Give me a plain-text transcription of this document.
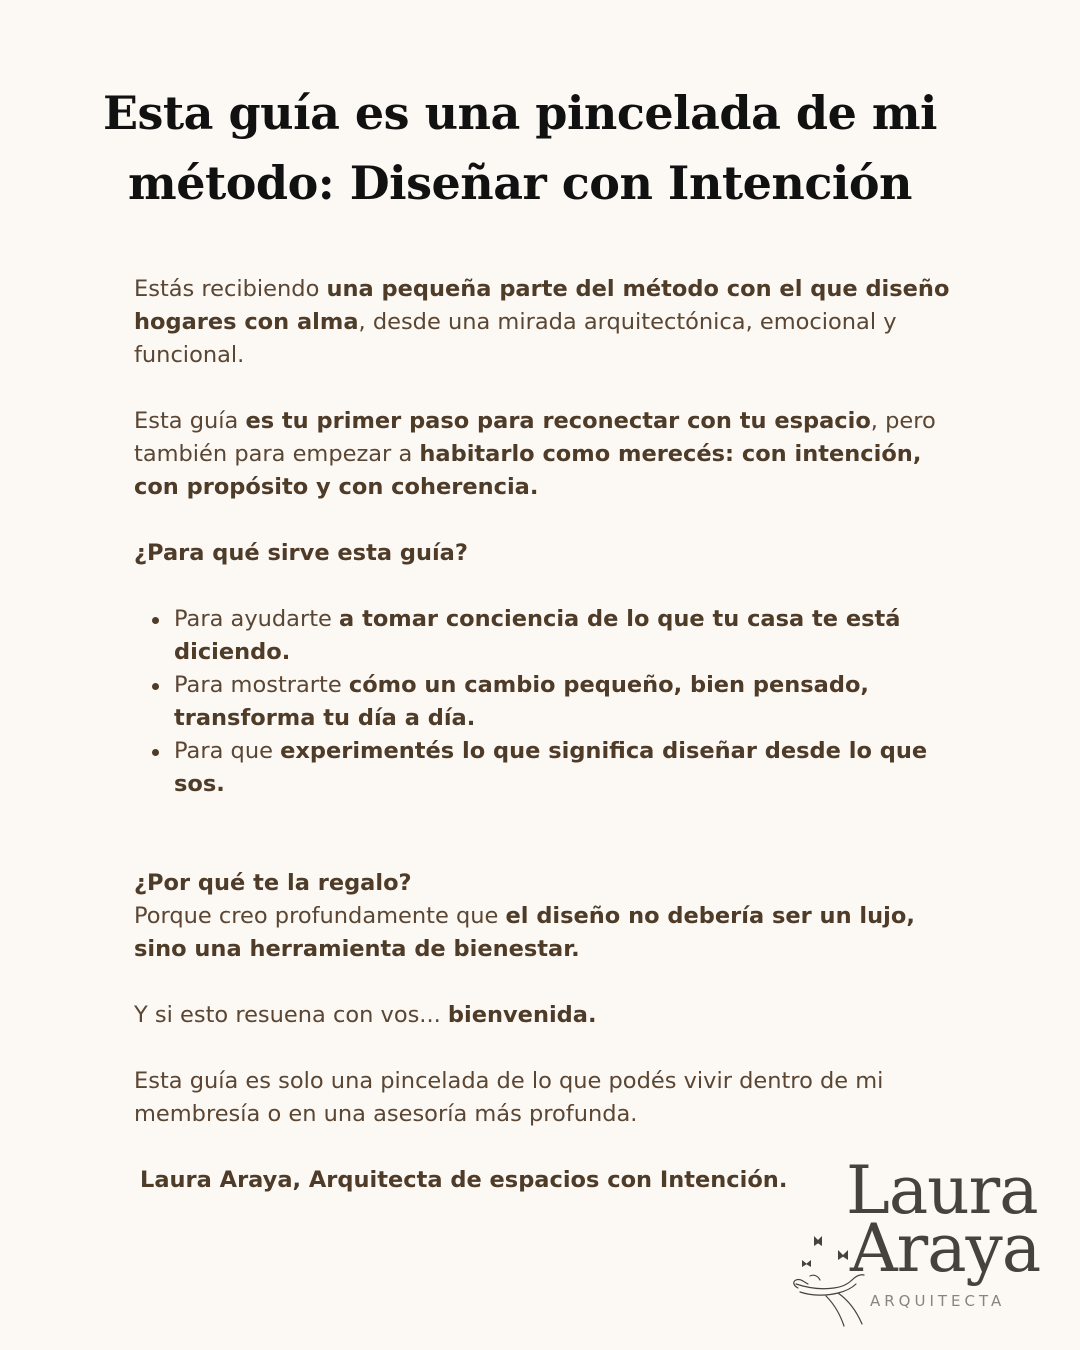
Esta guía es una pincelada de mi método: Diseñar con Intención

Estás recibiendo una pequeña parte del método con el que diseño hogares con alma, desde una mirada arquitectónica, emocional y funcional.

Esta guía es tu primer paso para reconectar con tu espacio, pero también para empezar a habitarlo como merecés: con intención, con propósito y con coherencia.

¿Para qué sirve esta guía?

Para ayudarte a tomar conciencia de lo que tu casa te está diciendo.
Para mostrarte cómo un cambio pequeño, bien pensado, transforma tu día a día.
Para que experimentés lo que significa diseñar desde lo que sos.

¿Por qué te la regalo?

Porque creo profundamente que el diseño no debería ser un lujo, sino una herramienta de bienestar.

Y si esto resuena con vos... bienvenida.

Esta guía es solo una pincelada de lo que podés vivir dentro de mi membresía o en una asesoría más profunda.

Laura Araya, Arquitecta de espacios con Intención. Laura
Araya
ARQUITECTA
